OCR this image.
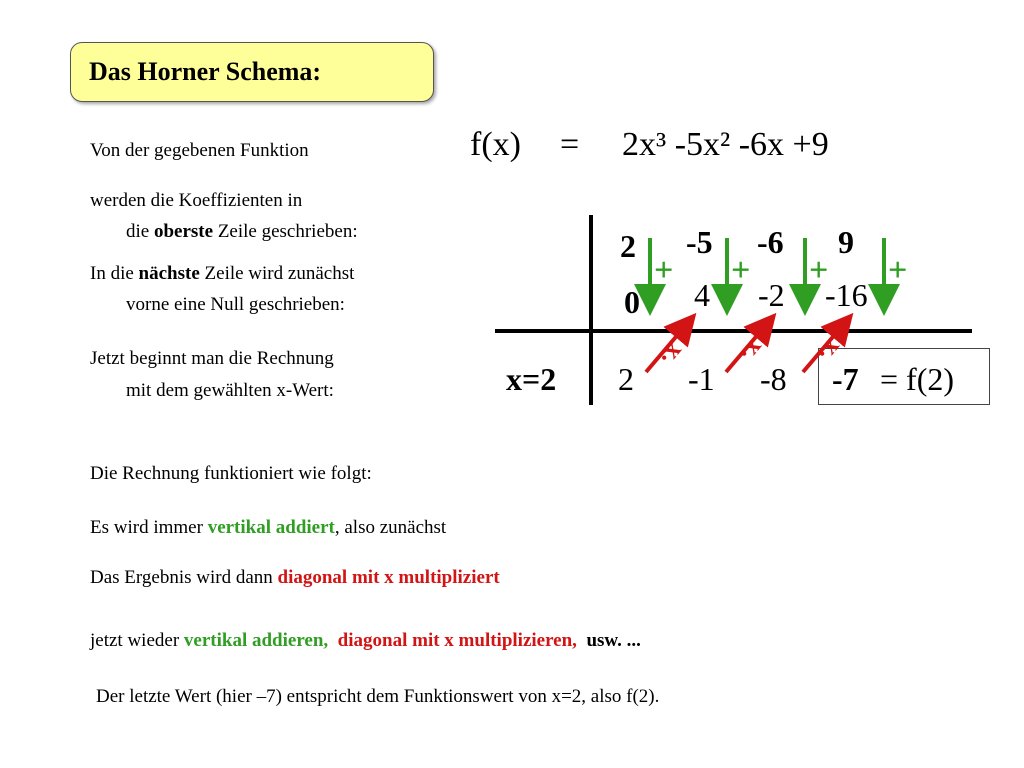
Das Horner Schema:
f(x) = 2x³ -5x² -6x +9
Von der gegebenen Funktion
werden die Koeffizienten in
die oberste Zeile geschrieben:
In die nächste Zeile wird zunächst
vorne eine Null geschrieben:
Jetzt beginnt man die Rechnung
mit dem gewählten x-Wert:
2 -5 -6 9
+ + + +
0 4 -2 -16
·x ·x ·x
x=2 2 -1 -8 -7 = f(2)
Die Rechnung funktioniert wie folgt:
Es wird immer vertikal addiert, also zunächst
Das Ergebnis wird dann diagonal mit x multipliziert
jetzt wieder vertikal addieren, diagonal mit x multiplizieren, usw. ...
Der letzte Wert (hier –7) entspricht dem Funktionswert von x=2, also f(2).
